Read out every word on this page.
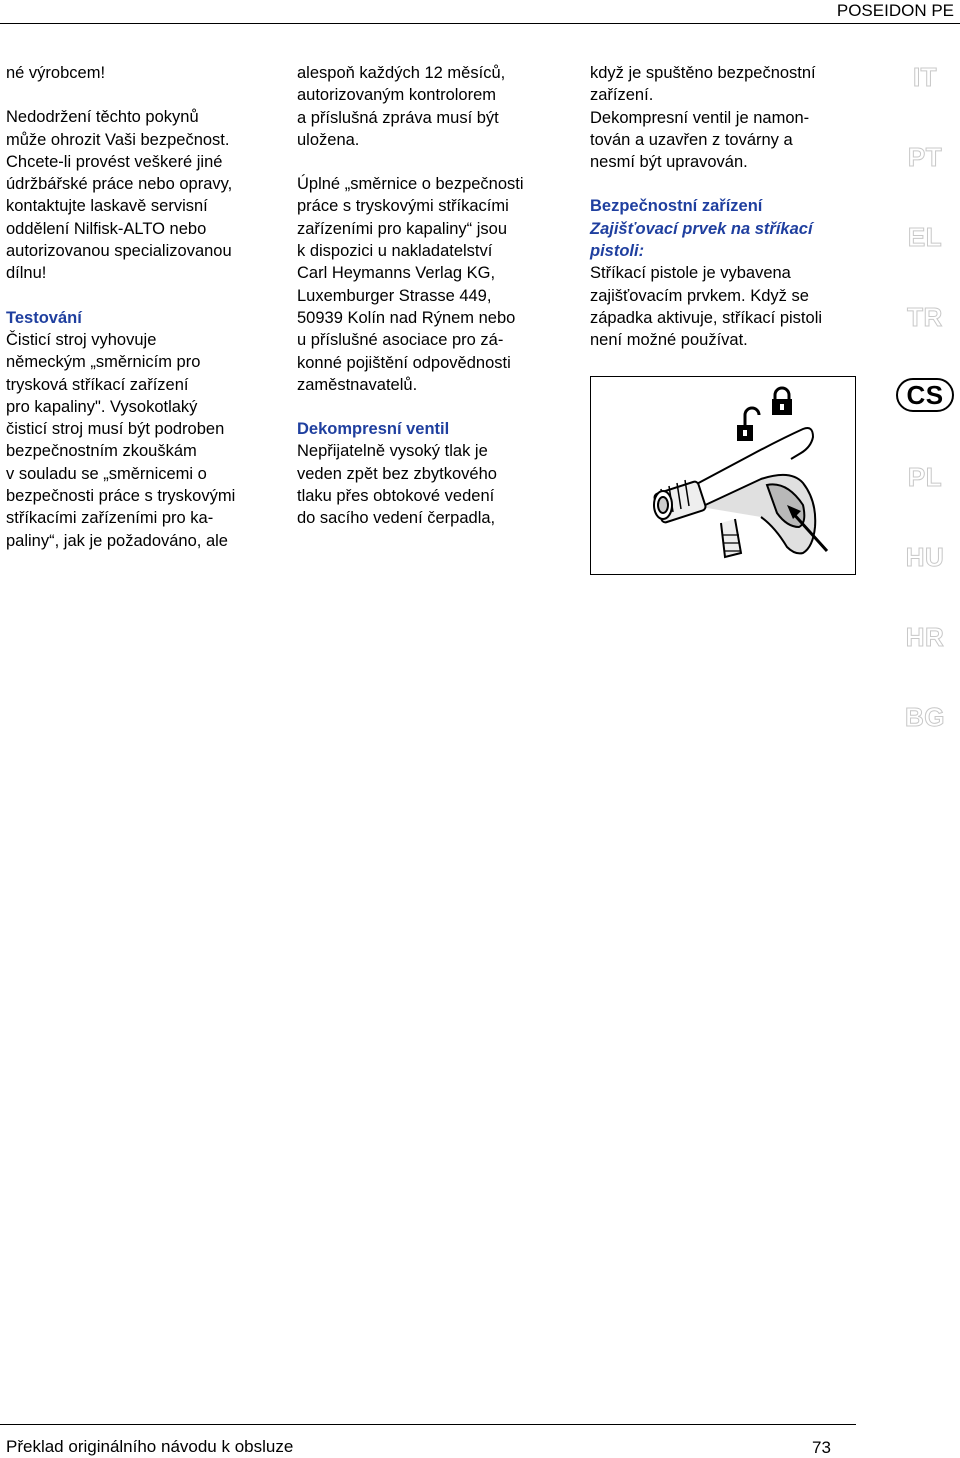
POSEIDON PE

né výrobcem!

Nedodržení těchto pokynů
může ohrozit Vaši bezpečnost.
Chcete-li provést veškeré jiné
údržbářské práce nebo opravy,
kontaktujte laskavě servisní
oddělení Nilfisk-ALTO nebo
autorizovanou specializovanou
dílnu!

Testování
Čisticí stroj vyhovuje
německým „směrnicím pro
trysková stříkací zařízení
pro kapaliny". Vysokotlaký
čisticí stroj musí být podroben
bezpečnostním zkouškám
v souladu se „směrnicemi o
bezpečnosti práce s tryskovými
stříkacími zařízeními pro ka-
paliny“, jak je požadováno, ale

alespoň každých 12 měsíců,
autorizovaným kontrolorem
a příslušná zpráva musí být
uložena.

Úplné „směrnice o bezpečnosti
práce s tryskovými stříkacími
zařízeními pro kapaliny“ jsou
k dispozici u nakladatelství
Carl Heymanns Verlag KG,
Luxemburger Strasse 449,
50939 Kolín nad Rýnem nebo
u příslušné asociace pro zá-
konné pojištění odpovědnosti
zaměstnavatelů.

Dekompresní ventil
Nepřijatelně vysoký tlak je
veden zpět bez zbytkového
tlaku přes obtokové vedení
do sacího vedení čerpadla,

když je spuštěno bezpečnostní
zařízení.
Dekompresní ventil je namon-
tován a uzavřen z továrny a
nesmí být upravován.

Bezpečnostní zařízení
Zajišťovací prvek na stříkací
pistoli:
Stříkací pistole je vybavena
zajišťovacím prvkem. Když se
západka aktivuje, stříkací pistoli
není možné používat.

IT
PT
EL
TR
CS
PL
HU
HR
BG
Překlad originálního návodu k obsluze	73
